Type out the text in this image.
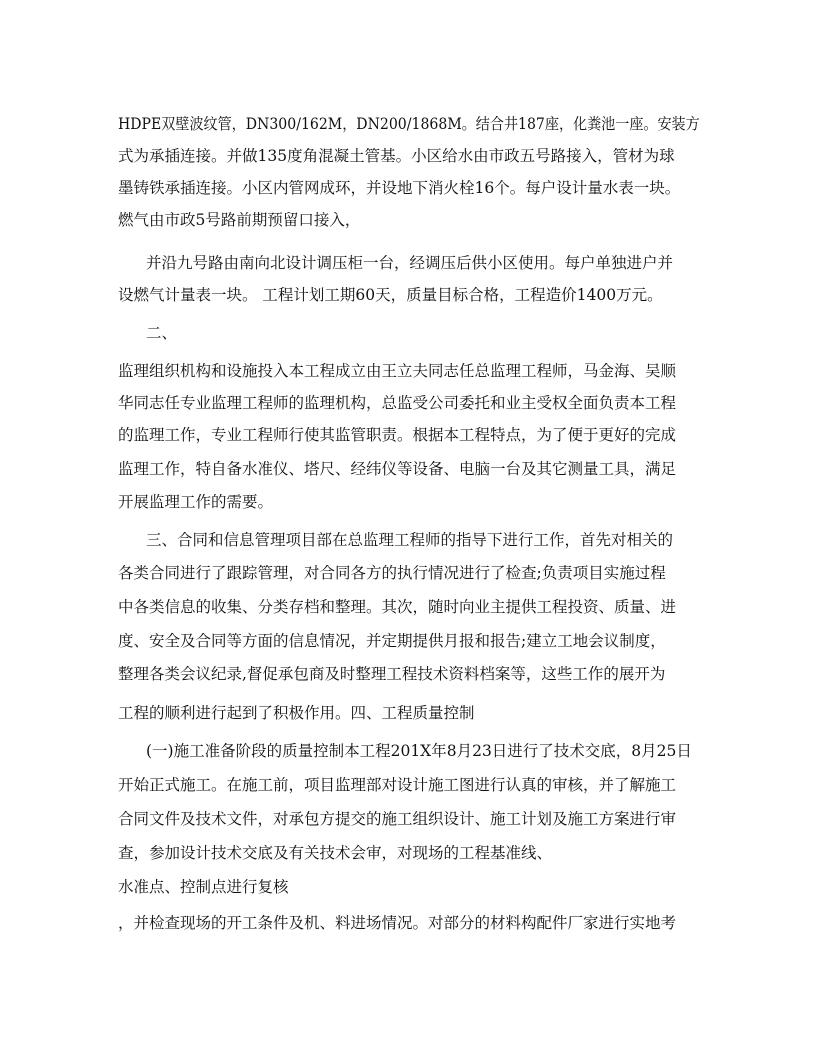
HDPE双壁波纹管，DN300/162M，DN200/1868M。结合井187座，化粪池一座。安装方
式为承插连接。并做135度角混凝土管基。小区给水由市政五号路接入，管材为球
墨铸铁承插连接。小区内管网成环，并设地下消火栓16个。每户设计量水表一块。
燃气由市政5号路前期预留口接入，
并沿九号路由南向北设计调压柜一台，经调压后供小区使用。每户单独进户并
设燃气计量表一块。 工程计划工期60天，质量目标合格，工程造价1400万元。
二、
监理组织机构和设施投入本工程成立由王立夫同志任总监理工程师，马金海、吴顺
华同志任专业监理工程师的监理机构，总监受公司委托和业主受权全面负责本工程
的监理工作，专业工程师行使其监管职责。根据本工程特点，为了便于更好的完成
监理工作，特自备水准仪、塔尺、经纬仪等设备、电脑一台及其它测量工具，满足
开展监理工作的需要。
三、合同和信息管理项目部在总监理工程师的指导下进行工作，首先对相关的
各类合同进行了跟踪管理，对合同各方的执行情况进行了检查;负责项目实施过程
中各类信息的收集、分类存档和整理。其次，随时向业主提供工程投资、质量、进
度、安全及合同等方面的信息情况，并定期提供月报和报告;建立工地会议制度，
整理各类会议纪录,督促承包商及时整理工程技术资料档案等，这些工作的展开为
工程的顺利进行起到了积极作用。四、工程质量控制
(一)施工准备阶段的质量控制本工程201X年8月23日进行了技术交底，8月25日
开始正式施工。在施工前，项目监理部对设计施工图进行认真的审核，并了解施工
合同文件及技术文件，对承包方提交的施工组织设计、施工计划及施工方案进行审
查，参加设计技术交底及有关技术会审，对现场的工程基准线、
水准点、控制点进行复核
，并检查现场的开工条件及机、料进场情况。对部分的材料构配件厂家进行实地考
